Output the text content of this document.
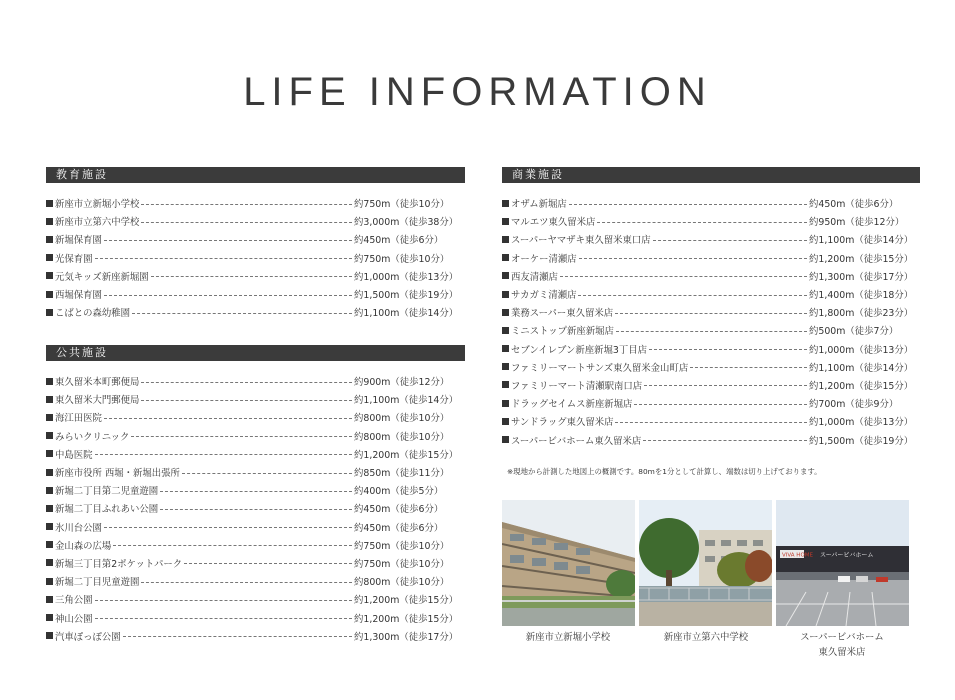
LIFE INFORMATION
教育施設
新座市立新堀小学校	約750m（徒歩10分）
新座市立第六中学校	約3,000m（徒歩38分）
新堀保育園	約450m（徒歩6分）
光保育園	約750m（徒歩10分）
元気キッズ新座新堀園	約1,000m（徒歩13分）
西堀保育園	約1,500m（徒歩19分）
こばとの森幼稚園	約1,100m（徒歩14分）
公共施設
東久留米本町郵便局	約900m（徒歩12分）
東久留米大門郵便局	約1,100m（徒歩14分）
海江田医院	約800m（徒歩10分）
みらいクリニック	約800m（徒歩10分）
中島医院	約1,200m（徒歩15分）
新座市役所 西堀・新堀出張所	約850m（徒歩11分）
新堀二丁目第二児童遊園	約400m（徒歩5分）
新堀二丁目ふれあい公園	約450m（徒歩6分）
氷川台公園	約450m（徒歩6分）
金山森の広場	約750m（徒歩10分）
新堀三丁目第2ポケットパーク	約750m（徒歩10分）
新堀二丁目児童遊園	約800m（徒歩10分）
三角公園	約1,200m（徒歩15分）
神山公園	約1,200m（徒歩15分）
汽車ぽっぽ公園	約1,300m（徒歩17分）
商業施設
オザム新堀店	約450m（徒歩6分）
マルエツ東久留米店	約950m（徒歩12分）
スーパーヤマザキ東久留米東口店	約1,100m（徒歩14分）
オーケー清瀬店	約1,200m（徒歩15分）
西友清瀬店	約1,300m（徒歩17分）
サカガミ清瀬店	約1,400m（徒歩18分）
業務スーパー東久留米店	約1,800m（徒歩23分）
ミニストップ新座新堀店	約500m（徒歩7分）
セブンイレブン新座新堀3丁目店	約1,000m（徒歩13分）
ファミリーマートサンズ東久留米金山町店	約1,100m（徒歩14分）
ファミリーマート清瀬駅南口店	約1,200m（徒歩15分）
ドラッグセイムス新座新堀店	約700m（徒歩9分）
サンドラッグ東久留米店	約1,000m（徒歩13分）
スーパービバホーム東久留米店	約1,500m（徒歩19分）
※現地から計測した地図上の概測です。80mを1分として計算し、端数は切り上げております。
VIVA HOME スーパービバホーム
新座市立新堀小学校	新座市立第六中学校	スーパービバホーム
東久留米店
